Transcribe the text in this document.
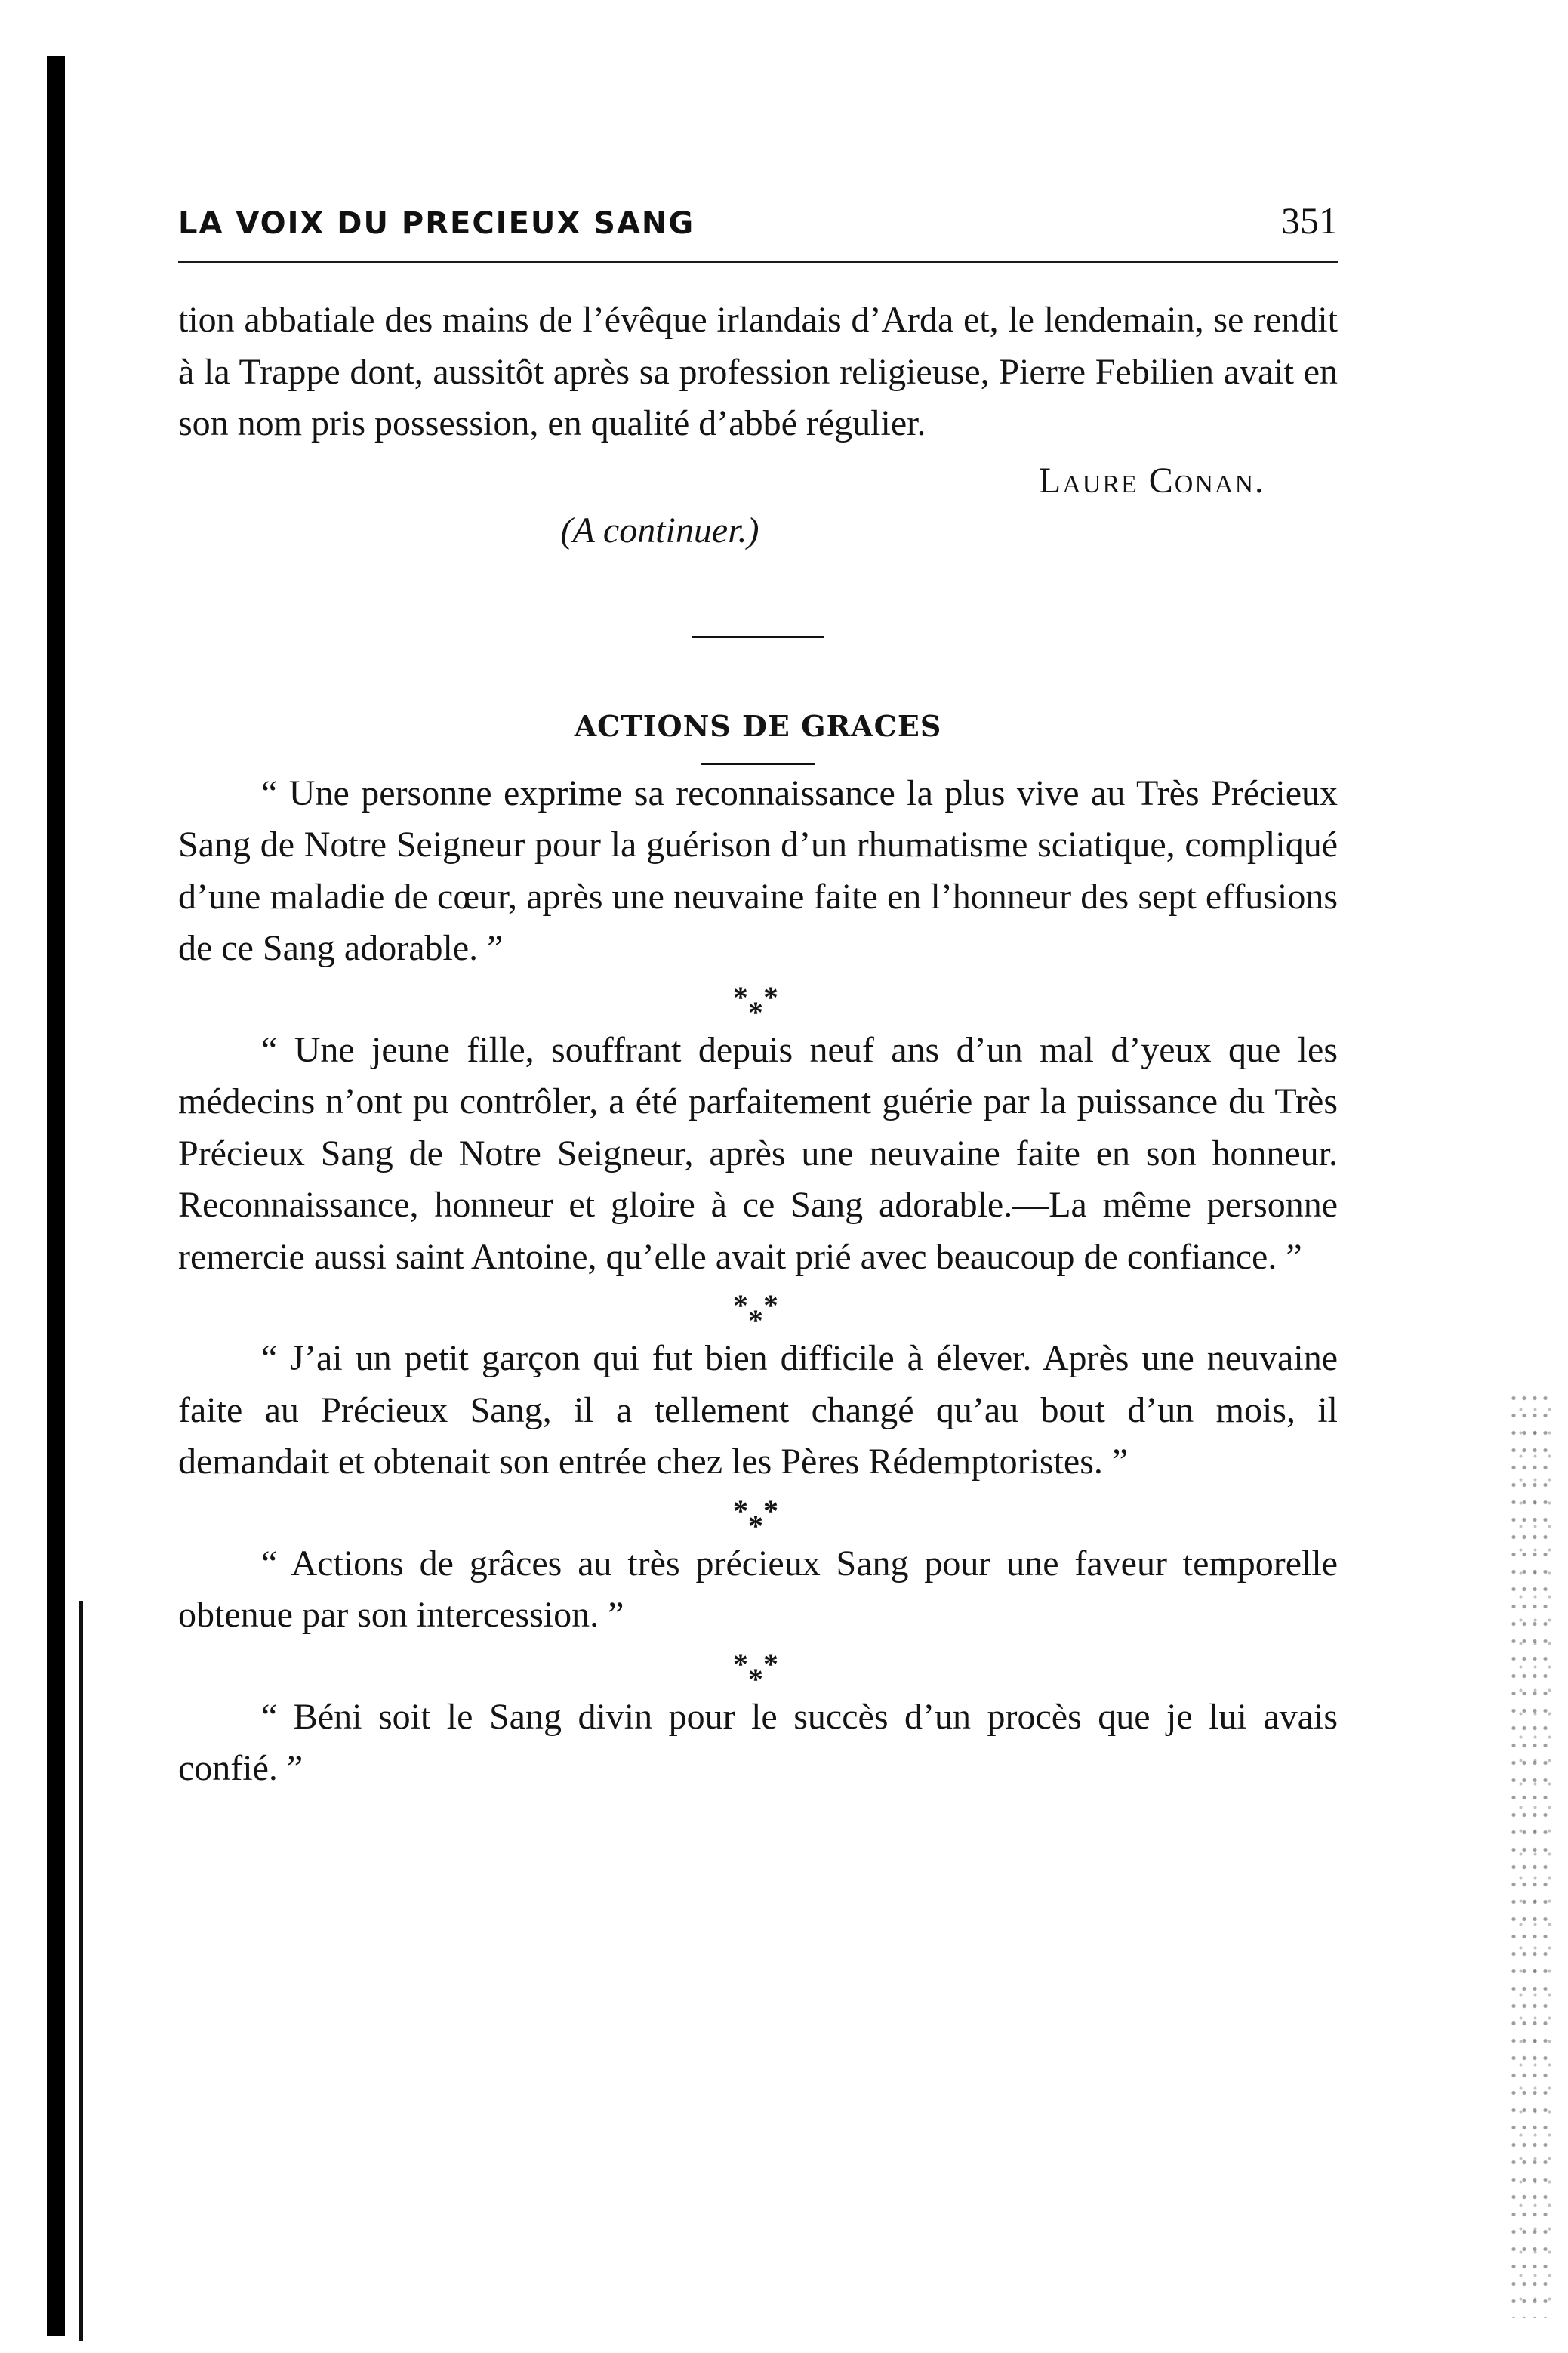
LA VOIX DU PRECIEUX SANG	351

tion abbatiale des mains de l’évêque irlandais d’Arda et, le lendemain, se rendit à la Trappe dont, aussitôt après sa profession religieuse, Pierre Febilien avait en son nom pris possession, en qualité d’abbé régulier.

Laure Conan.
(A continuer.)
ACTIONS DE GRACES

“ Une personne exprime sa reconnaissance la plus vive au Très Précieux Sang de Notre Seigneur pour la guérison d’un rhumatisme sciatique, compliqué d’une maladie de cœur, après une neuvaine faite en l’honneur des sept effusions de ce Sang adorable. ”

* *
*

“ Une jeune fille, souffrant depuis neuf ans d’un mal d’yeux que les médecins n’ont pu contrôler, a été parfaitement guérie par la puissance du Très Précieux Sang de Notre Seigneur, après une neuvaine faite en son honneur. Reconnaissance, honneur et gloire à ce Sang adorable.—La même personne remercie aussi saint Antoine, qu’elle avait prié avec beaucoup de confiance. ”

* *
*

“ J’ai un petit garçon qui fut bien difficile à élever. Après une neuvaine faite au Précieux Sang, il a tellement changé qu’au bout d’un mois, il demandait et obtenait son entrée chez les Pères Rédemptoristes. ”

* *
*

“ Actions de grâces au très précieux Sang pour une faveur temporelle obtenue par son intercession. ”

* *
*

“ Béni soit le Sang divin pour le succès d’un procès que je lui avais confié. ”
